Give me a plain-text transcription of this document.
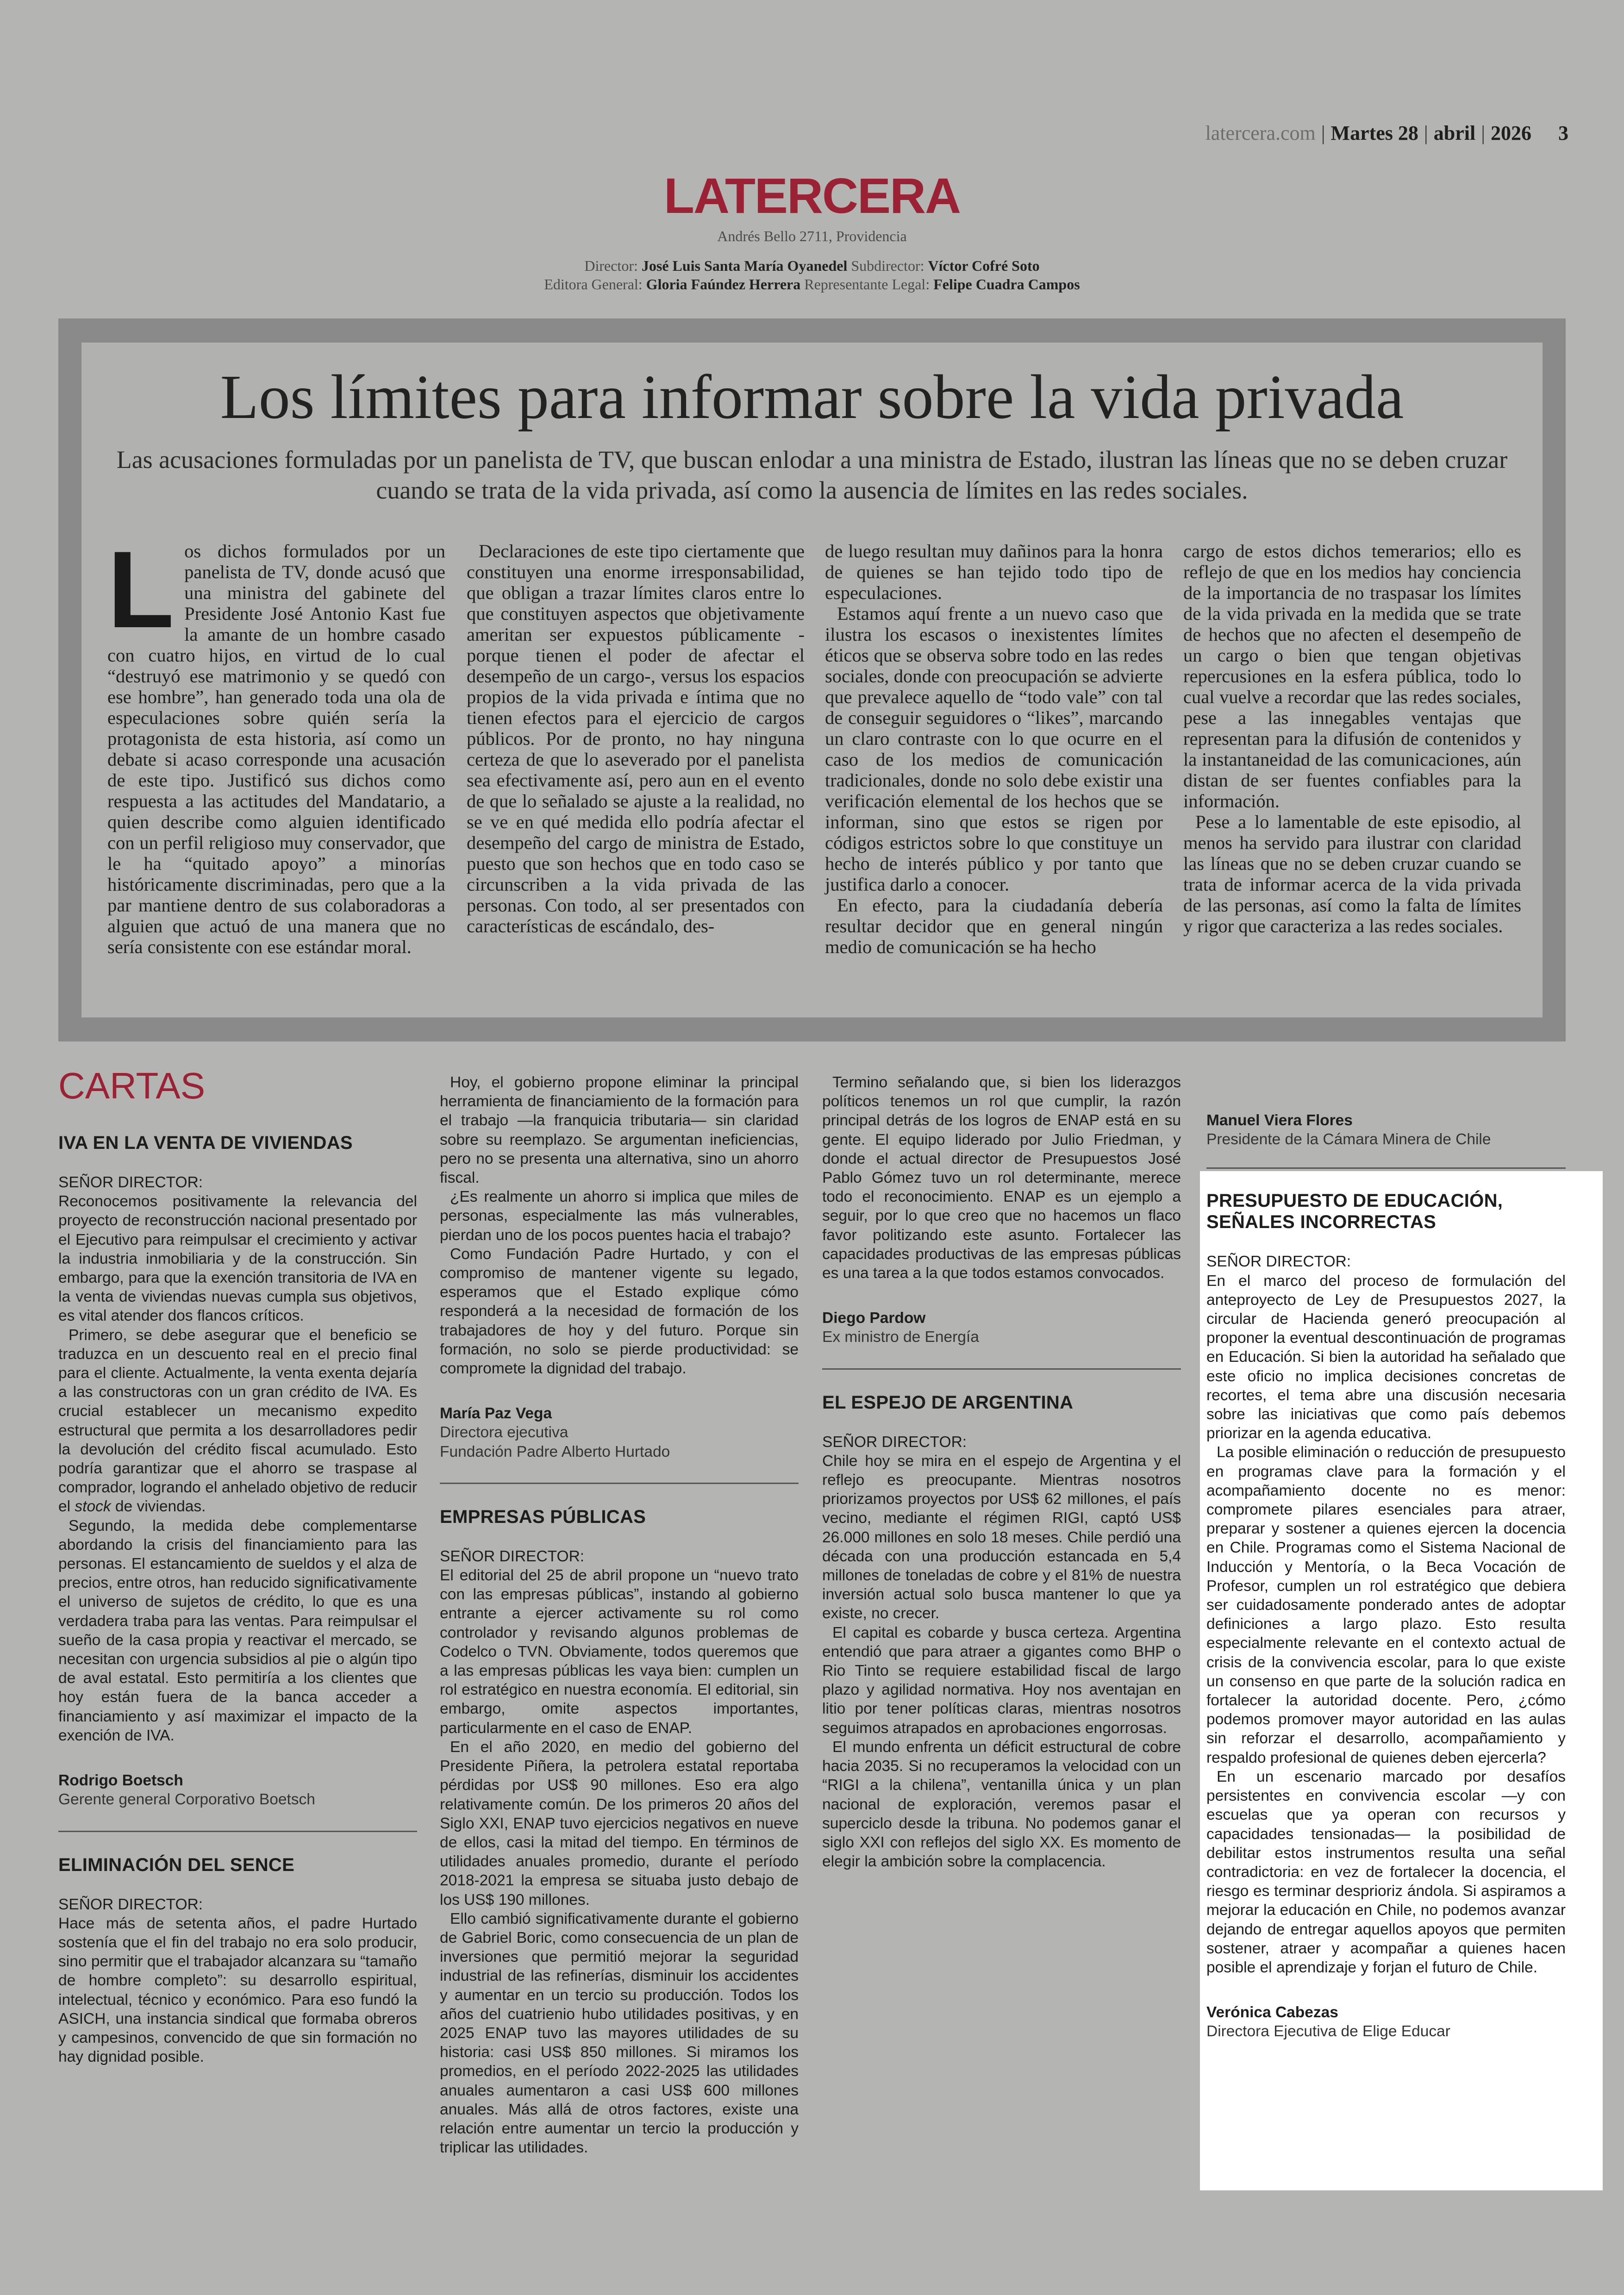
latercera.com | Martes 28 | abril | 2026 3
LATERCERA
Andrés Bello 2711, Providencia
Director: José Luis Santa María Oyanedel Subdirector: Víctor Cofré Soto
Editora General: Gloria Faúndez Herrera Representante Legal: Felipe Cuadra Campos
Los límites para informar sobre la vida privada
Las acusaciones formuladas por un panelista de TV, que buscan enlodar a una ministra de Estado, ilustran las líneas que no se deben cruzar cuando se trata de la vida privada, así como la ausencia de límites en las redes sociales.

Los dichos formulados por un panelista de TV, donde acusó que una ministra del gabinete del Presidente José Antonio Kast fue la amante de un hombre casado con cuatro hijos, en virtud de lo cual “destruyó ese matrimonio y se quedó con ese hombre”, han generado toda una ola de especulaciones sobre quién sería la protagonista de esta historia, así como un debate si acaso corresponde una acusación de este tipo. Justificó sus dichos como respuesta a las actitudes del Mandatario, a quien describe como alguien identificado con un perfil religioso muy conservador, que le ha “quitado apoyo” a minorías históricamente discriminadas, pero que a la par mantiene dentro de sus colaboradoras a alguien que actuó de una manera que no sería consistente con ese estándar moral.

Declaraciones de este tipo ciertamente que constituyen una enorme irresponsabilidad, que obligan a trazar límites claros entre lo que constituyen aspectos que objetivamente ameritan ser expuestos públicamente -porque tienen el poder de afectar el desempeño de un cargo-, versus los espacios propios de la vida privada e íntima que no tienen efectos para el ejercicio de cargos públicos. Por de pronto, no hay ninguna certeza de que lo aseverado por el panelista sea efectivamente así, pero aun en el evento de que lo señalado se ajuste a la realidad, no se ve en qué medida ello podría afectar el desempeño del cargo de ministra de Estado, puesto que son hechos que en todo caso se circunscriben a la vida privada de las personas. Con todo, al ser presentados con características de escándalo, des-

de luego resultan muy dañinos para la honra de quienes se han tejido todo tipo de especulaciones.

Estamos aquí frente a un nuevo caso que ilustra los escasos o inexistentes límites éticos que se observa sobre todo en las redes sociales, donde con preocupación se advierte que prevalece aquello de “todo vale” con tal de conseguir seguidores o “likes”, marcando un claro contraste con lo que ocurre en el caso de los medios de comunicación tradicionales, donde no solo debe existir una verificación elemental de los hechos que se informan, sino que estos se rigen por códigos estrictos sobre lo que constituye un hecho de interés público y por tanto que justifica darlo a conocer.

En efecto, para la ciudadanía debería resultar decidor que en general ningún medio de comunicación se ha hecho

cargo de estos dichos temerarios; ello es reflejo de que en los medios hay conciencia de la importancia de no traspasar los límites de la vida privada en la medida que se trate de hechos que no afecten el desempeño de un cargo o bien que tengan objetivas repercusiones en la esfera pública, todo lo cual vuelve a recordar que las redes sociales, pese a las innegables ventajas que representan para la difusión de contenidos y la instantaneidad de las comunicaciones, aún distan de ser fuentes confiables para la información.

Pese a lo lamentable de este episodio, al menos ha servido para ilustrar con claridad las líneas que no se deben cruzar cuando se trata de informar acerca de la vida privada de las personas, así como la falta de límites y rigor que caracteriza a las redes sociales.

CARTAS
IVA EN LA VENTA DE VIVIENDAS

SEÑOR DIRECTOR:

Reconocemos positivamente la relevancia del proyecto de reconstrucción nacional presentado por el Ejecutivo para reimpulsar el crecimiento y activar la industria inmobiliaria y de la construcción. Sin embargo, para que la exención transitoria de IVA en la venta de viviendas nuevas cumpla sus objetivos, es vital atender dos flancos críticos.

Primero, se debe asegurar que el beneficio se traduzca en un descuento real en el precio final para el cliente. Actualmente, la venta exenta dejaría a las constructoras con un gran crédito de IVA. Es crucial establecer un mecanismo expedito estructural que permita a los desarrolladores pedir la devolución del crédito fiscal acumulado. Esto podría garantizar que el ahorro se traspase al comprador, logrando el anhelado objetivo de reducir el stock de viviendas.

Segundo, la medida debe complementarse abordando la crisis del financiamiento para las personas. El estancamiento de sueldos y el alza de precios, entre otros, han reducido significativamente el universo de sujetos de crédito, lo que es una verdadera traba para las ventas. Para reimpulsar el sueño de la casa propia y reactivar el mercado, se necesitan con urgencia subsidios al pie o algún tipo de aval estatal. Esto permitiría a los clientes que hoy están fuera de la banca acceder a financiamiento y así maximizar el impacto de la exención de IVA.

Rodrigo Boetsch

Gerente general Corporativo Boetsch

ELIMINACIÓN DEL SENCE

SEÑOR DIRECTOR:

Hace más de setenta años, el padre Hurtado sostenía que el fin del trabajo no era solo producir, sino permitir que el trabajador alcanzara su “tamaño de hombre completo”: su desarrollo espiritual, intelectual, técnico y económico. Para eso fundó la ASICH, una instancia sindical que formaba obreros y campesinos, convencido de que sin formación no hay dignidad posible.

Hoy, el gobierno propone eliminar la principal herramienta de financiamiento de la formación para el trabajo —la franquicia tributaria— sin claridad sobre su reemplazo. Se argumentan ineficiencias, pero no se presenta una alternativa, sino un ahorro fiscal.

¿Es realmente un ahorro si implica que miles de personas, especialmente las más vulnerables, pierdan uno de los pocos puentes hacia el trabajo?

Como Fundación Padre Hurtado, y con el compromiso de mantener vigente su legado, esperamos que el Estado explique cómo responderá a la necesidad de formación de los trabajadores de hoy y del futuro. Porque sin formación, no solo se pierde productividad: se compromete la dignidad del trabajo.

María Paz Vega

Directora ejecutiva

Fundación Padre Alberto Hurtado

EMPRESAS PÚBLICAS

SEÑOR DIRECTOR:

El editorial del 25 de abril propone un “nuevo trato con las empresas públicas”, instando al gobierno entrante a ejercer activamente su rol como controlador y revisando algunos problemas de Codelco o TVN. Obviamente, todos queremos que a las empresas públicas les vaya bien: cumplen un rol estratégico en nuestra economía. El editorial, sin embargo, omite aspectos importantes, particularmente en el caso de ENAP.

En el año 2020, en medio del gobierno del Presidente Piñera, la petrolera estatal reportaba pérdidas por US$ 90 millones. Eso era algo relativamente común. De los primeros 20 años del Siglo XXI, ENAP tuvo ejercicios negativos en nueve de ellos, casi la mitad del tiempo. En términos de utilidades anuales promedio, durante el período 2018-2021 la empresa se situaba justo debajo de los US$ 190 millones.

Ello cambió significativamente durante el gobierno de Gabriel Boric, como consecuencia de un plan de inversiones que permitió mejorar la seguridad industrial de las refinerías, disminuir los accidentes y aumentar en un tercio su producción. Todos los años del cuatrienio hubo utilidades positivas, y en 2025 ENAP tuvo las mayores utilidades de su historia: casi US$ 850 millones. Si miramos los promedios, en el período 2022-2025 las utilidades anuales aumentaron a casi US$ 600 millones anuales. Más allá de otros factores, existe una relación entre aumentar un tercio la producción y triplicar las utilidades.

Termino señalando que, si bien los liderazgos políticos tenemos un rol que cumplir, la razón principal detrás de los logros de ENAP está en su gente. El equipo liderado por Julio Friedman, y donde el actual director de Presupuestos José Pablo Gómez tuvo un rol determinante, merece todo el reconocimiento. ENAP es un ejemplo a seguir, por lo que creo que no hacemos un flaco favor politizando este asunto. Fortalecer las capacidades productivas de las empresas públicas es una tarea a la que todos estamos convocados.

Diego Pardow

Ex ministro de Energía

EL ESPEJO DE ARGENTINA

SEÑOR DIRECTOR:

Chile hoy se mira en el espejo de Argentina y el reflejo es preocupante. Mientras nosotros priorizamos proyectos por US$ 62 millones, el país vecino, mediante el régimen RIGI, captó US$ 26.000 millones en solo 18 meses. Chile perdió una década con una producción estancada en 5,4 millones de toneladas de cobre y el 81% de nuestra inversión actual solo busca mantener lo que ya existe, no crecer.

El capital es cobarde y busca certeza. Argentina entendió que para atraer a gigantes como BHP o Rio Tinto se requiere estabilidad fiscal de largo plazo y agilidad normativa. Hoy nos aventajan en litio por tener políticas claras, mientras nosotros seguimos atrapados en aprobaciones engorrosas.

El mundo enfrenta un déficit estructural de cobre hacia 2035. Si no recuperamos la velocidad con un “RIGI a la chilena”, ventanilla única y un plan nacional de exploración, veremos pasar el superciclo desde la tribuna. No podemos ganar el siglo XXI con reflejos del siglo XX. Es momento de elegir la ambición sobre la complacencia.

Manuel Viera Flores

Presidente de la Cámara Minera de Chile

PRESUPUESTO DE EDUCACIÓN, SEÑALES INCORRECTAS

SEÑOR DIRECTOR:

En el marco del proceso de formulación del anteproyecto de Ley de Presupuestos 2027, la circular de Hacienda generó preocupación al proponer la eventual descontinuación de programas en Educación. Si bien la autoridad ha señalado que este oficio no implica decisiones concretas de recortes, el tema abre una discusión necesaria sobre las iniciativas que como país debemos priorizar en la agenda educativa.

La posible eliminación o reducción de presupuesto en programas clave para la formación y el acompañamiento docente no es menor: compromete pilares esenciales para atraer, preparar y sostener a quienes ejercen la docencia en Chile. Programas como el Sistema Nacional de Inducción y Mentoría, o la Beca Vocación de Profesor, cumplen un rol estratégico que debiera ser cuidadosamente ponderado antes de adoptar definiciones a largo plazo. Esto resulta especialmente relevante en el contexto actual de crisis de la convivencia escolar, para lo que existe un consenso en que parte de la solución radica en fortalecer la autoridad docente. Pero, ¿cómo podemos promover mayor autoridad en las aulas sin reforzar el desarrollo, acompañamiento y respaldo profesional de quienes deben ejercerla?

En un escenario marcado por desafíos persistentes en convivencia escolar —y con escuelas que ya operan con recursos y capacidades tensionadas— la posibilidad de debilitar estos instrumentos resulta una señal contradictoria: en vez de fortalecer la docencia, el riesgo es terminar desprioriz ándola. Si aspiramos a mejorar la educación en Chile, no podemos avanzar dejando de entregar aquellos apoyos que permiten sostener, atraer y acompañar a quienes hacen posible el aprendizaje y forjan el futuro de Chile.

Verónica Cabezas

Directora Ejecutiva de Elige Educar
